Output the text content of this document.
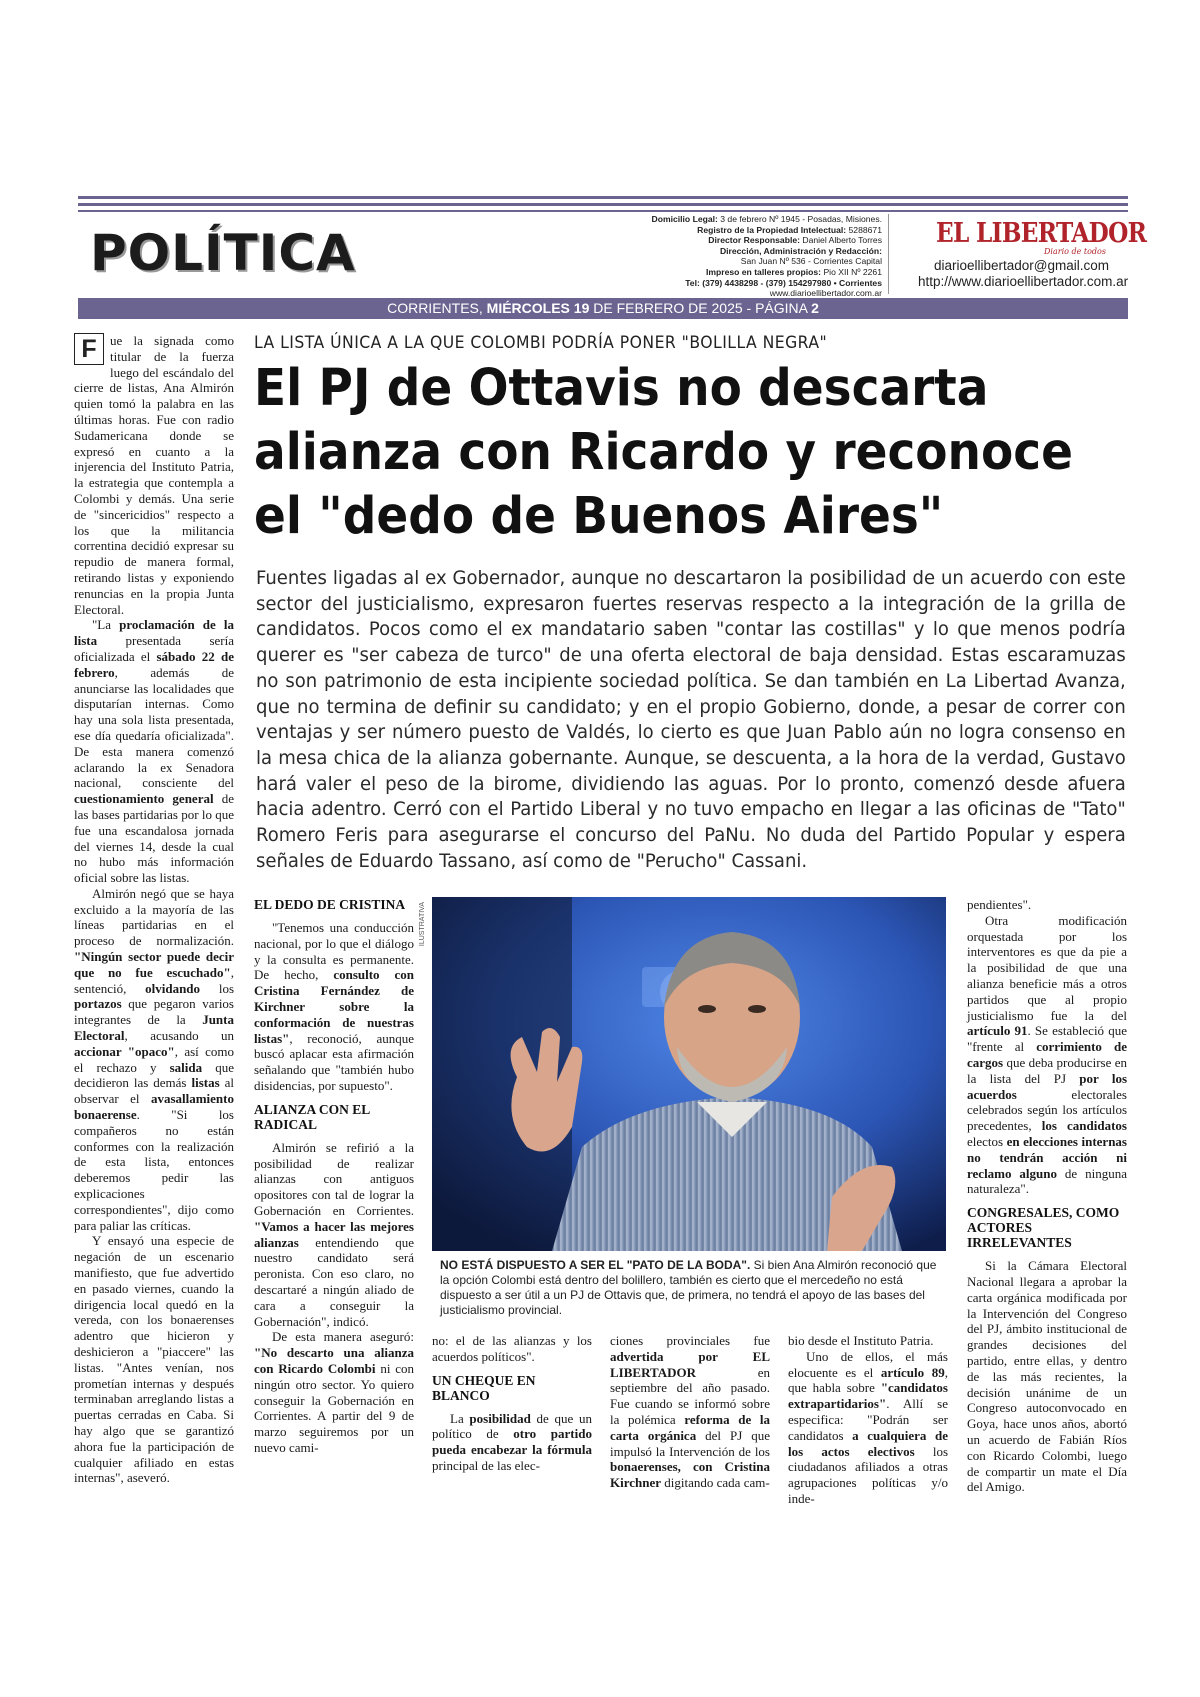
POLÍTICA
Domicilio Legal: 3 de febrero Nº 1945 - Posadas, Misiones.
Registro de la Propiedad Intelectual: 5288671
Director Responsable: Daniel Alberto Torres
Dirección, Administración y Redacción:
San Juan Nº 536 - Corrientes Capital
Impreso en talleres propios: Pio XII Nº 2261
Tel: (379) 4438298 - (379) 154297980 • Corrientes
www.diarioellibertador.com.ar
EL LIBERTADOR
Diario de todos
diarioellibertador@gmail.com
http://www.diarioellibertador.com.ar
CORRIENTES, MIÉRCOLES 19 DE FEBRERO DE 2025 - PÁGINA 2
LA LISTA ÚNICA A LA QUE COLOMBI PODRÍA PONER "BOLILLA NEGRA"
El PJ de Ottavis no descarta
alianza con Ricardo y reconoce
el "dedo de Buenos Aires"

Fuentes ligadas al ex Gobernador, aunque no descartaron la posibilidad de un acuerdo con este sector del justicialismo, expresaron fuertes reservas respecto a la integración de la grilla de candidatos. Pocos como el ex mandatario saben "contar las costillas" y lo que menos podría querer es "ser cabeza de turco" de una oferta electoral de baja densidad. Estas escaramuzas no son patrimonio de esta incipiente sociedad política. Se dan también en La Libertad Avanza, que no termina de definir su candidato; y en el propio Gobierno, donde, a pesar de correr con ventajas y ser número puesto de Valdés, lo cierto es que Juan Pablo aún no logra consenso en la mesa chica de la alianza gobernante. Aunque, se descuenta, a la hora de la verdad, Gustavo hará valer el peso de la birome, dividiendo las aguas. Por lo pronto, comenzó desde afuera hacia adentro. Cerró con el Partido Liberal y no tuvo empacho en llegar a las oficinas de "Tato" Romero Feris para asegurarse el concurso del PaNu. No duda del Partido Popular y espera señales de Eduardo Tassano, así como de "Perucho" Cassani.

F	ue la signada como titular de la fuerza luego del escándalo del cierre de listas, Ana Almirón quien tomó la palabra en las últimas horas. Fue con radio Sudamericana donde se expresó en cuanto a la injerencia del Instituto Patria, la estrategia que contempla a Colombi y demás. Una serie de "sincericidios" respecto a los que la militancia correntina decidió expresar su repudio de manera formal, retirando listas y exponiendo renuncias en la propia Junta Electoral.

"La proclamación de la lista presentada sería oficializada el sábado 22 de febrero, además de anunciarse las localidades que disputarían internas. Como hay una sola lista presentada, ese día quedaría oficializada". De esta manera comenzó aclarando la ex Senadora nacional, consciente del cuestionamiento general de las bases partidarias por lo que fue una escandalosa jornada del viernes 14, desde la cual no hubo más información oficial sobre las listas.

Almirón negó que se haya excluido a la mayoría de las líneas partidarias en el proceso de normalización. "Ningún sector puede decir que no fue escuchado", sentenció, olvidando los portazos que pegaron varios integrantes de la Junta Electoral, acusando un accionar "opaco", así como el rechazo y salida que decidieron las demás listas al observar el avasallamiento bonaerense. "Si los compañeros no están conformes con la realización de esta lista, entonces deberemos pedir las explicaciones correspondientes", dijo como para paliar las críticas.

Y ensayó una especie de negación de un escenario manifiesto, que fue advertido en pasado viernes, cuando la dirigencia local quedó en la vereda, con los bonaerenses adentro que hicieron y deshicieron a "piaccere" las listas. "Antes venían, nos prometían internas y después terminaban arreglando listas a puertas cerradas en Caba. Si hay algo que se garantizó ahora fue la participación de cualquier afiliado en estas internas", aseveró.

EL DEDO DE CRISTINA

"Tenemos una conducción nacional, por lo que el diálogo y la consulta es permanente. De hecho, consulto con Cristina Fernández de Kirchner sobre la conformación de nuestras listas", reconoció, aunque buscó aplacar esta afirmación señalando que "también hubo disidencias, por supuesto".

ALIANZA CON EL RADICAL

Almirón se refirió a la posibilidad de realizar alianzas con antiguos opositores con tal de lograr la Gobernación en Corrientes. "Vamos a hacer las mejores alianzas entendiendo que nuestro candidato será peronista. Con eso claro, no descartaré a ningún aliado de cara a conseguir la Gobernación", indicó.

De esta manera aseguró: "No descarto una alianza con Ricardo Colombi ni con ningún otro sector. Yo quiero conseguir la Gobernación en Corrientes. A partir del 9 de marzo seguiremos por un nuevo cami-

ILUSTRATIVA
NO ESTÁ DISPUESTO A SER EL "PATO DE LA BODA". Si bien Ana Almirón reconoció que la opción Colombi está dentro del bolillero, también es cierto que el mercedeño no está dispuesto a ser útil a un PJ de Ottavis que, de primera, no tendrá el apoyo de las bases del justicialismo provincial.

no: el de las alianzas y los acuerdos políticos".

UN CHEQUE EN BLANCO

La posibilidad de que un político de otro partido pueda encabezar la fórmula principal de las elec-

ciones provinciales fue advertida por EL LIBERTADOR en septiembre del año pasado. Fue cuando se informó sobre la polémica reforma de la carta orgánica del PJ que impulsó la Intervención de los bonaerenses, con Cristina Kirchner digitando cada cam-

bio desde el Instituto Patria.

Uno de ellos, el más elocuente es el artículo 89, que habla sobre "candidatos extrapartidarios". Allí se especifica: "Podrán ser candidatos a cualquiera de los actos electivos los ciudadanos afiliados a otras agrupaciones políticas y/o inde-

pendientes".

Otra modificación orquestada por los interventores es que da pie a la posibilidad de que una alianza beneficie más a otros partidos que al propio justicialismo fue la del artículo 91. Se estableció que "frente al corrimiento de cargos que deba producirse en la lista del PJ por los acuerdos electorales celebrados según los artículos precedentes, los candidatos electos en elecciones internas no tendrán acción ni reclamo alguno de ninguna naturaleza".

CONGRESALES, COMO ACTORES IRRELEVANTES

Si la Cámara Electoral Nacional llegara a aprobar la carta orgánica modificada por la Intervención del Congreso del PJ, ámbito institucional de grandes decisiones del partido, entre ellas, y dentro de las más recientes, la decisión unánime de un Congreso autoconvocado en Goya, hace unos años, abortó un acuerdo de Fabián Ríos con Ricardo Colombi, luego de compartir un mate el Día del Amigo.
